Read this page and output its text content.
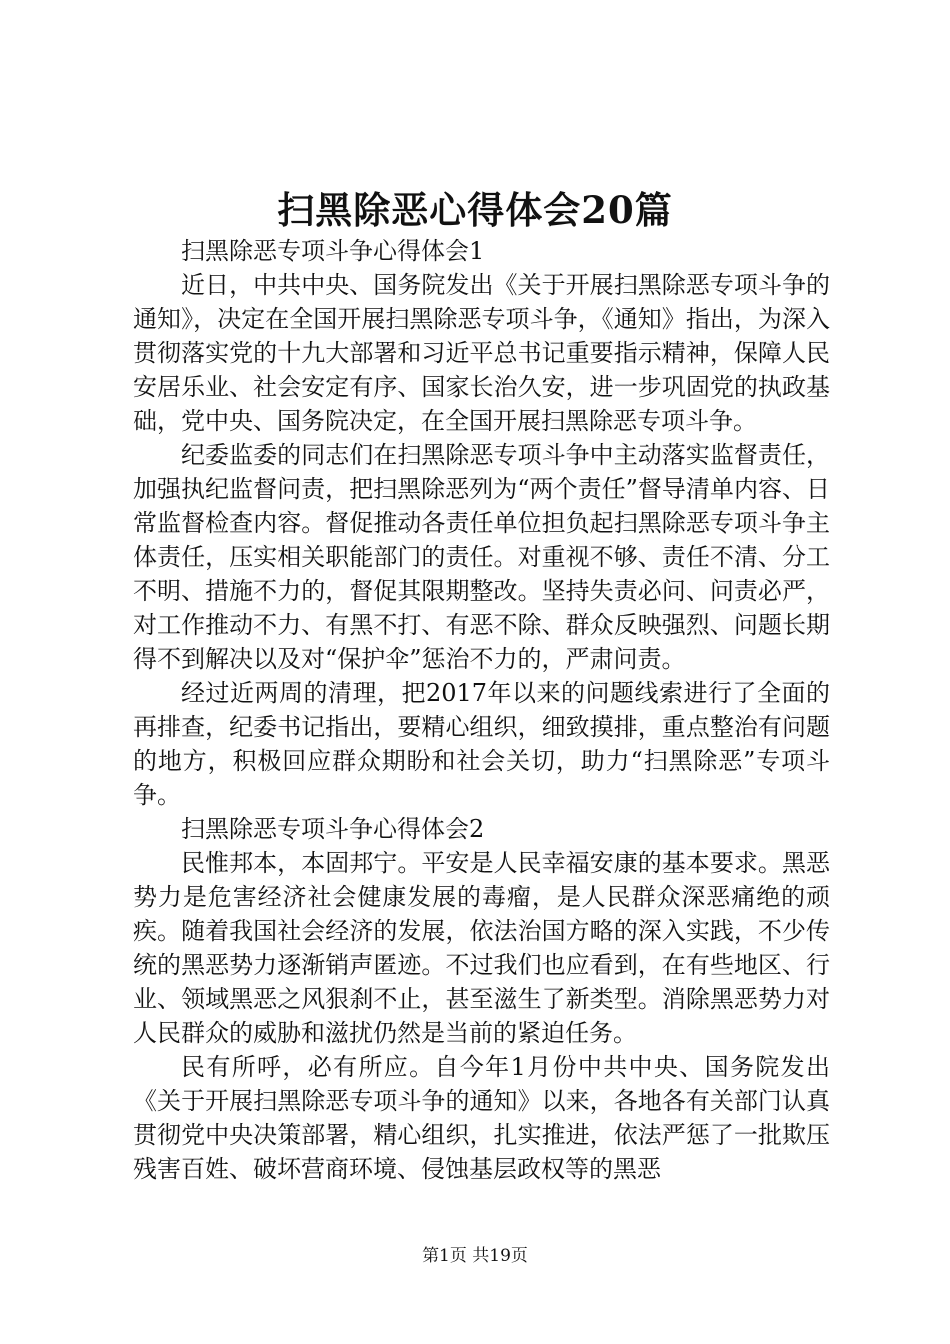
扫黑除恶心得体会20篇

扫黑除恶专项斗争心得体会1

近日，中共中央、国务院发出《关于开展扫黑除恶专项斗争的通知》，决定在全国开展扫黑除恶专项斗争，《通知》指出，为深入贯彻落实党的十九大部署和习近平总书记重要指示精神，保障人民安居乐业、社会安定有序、国家长治久安，进一步巩固党的执政基础，党中央、国务院决定，在全国开展扫黑除恶专项斗争。

纪委监委的同志们在扫黑除恶专项斗争中主动落实监督责任，加强执纪监督问责，把扫黑除恶列为“两个责任”督导清单内容、日常监督检查内容。督促推动各责任单位担负起扫黑除恶专项斗争主体责任，压实相关职能部门的责任。对重视不够、责任不清、分工不明、措施不力的，督促其限期整改。坚持失责必问、问责必严，对工作推动不力、有黑不打、有恶不除、群众反映强烈、问题长期得不到解决以及对“保护伞”惩治不力的，严肃问责。

经过近两周的清理，把2017年以来的问题线索进行了全面的再排查，纪委书记指出，要精心组织，细致摸排，重点整治有问题的地方，积极回应群众期盼和社会关切，助力“扫黑除恶”专项斗争。

扫黑除恶专项斗争心得体会2

民惟邦本，本固邦宁。平安是人民幸福安康的基本要求。黑恶势力是危害经济社会健康发展的毒瘤，是人民群众深恶痛绝的顽疾。随着我国社会经济的发展，依法治国方略的深入实践，不少传统的黑恶势力逐渐销声匿迹。不过我们也应看到，在有些地区、行业、领域黑恶之风狠刹不止，甚至滋生了新类型。消除黑恶势力对人民群众的威胁和滋扰仍然是当前的紧迫任务。

民有所呼，必有所应。自今年1月份中共中央、国务院发出《关于开展扫黑除恶专项斗争的通知》以来，各地各有关部门认真贯彻党中央决策部署，精心组织，扎实推进，依法严惩了一批欺压残害百姓、破坏营商环境、侵蚀基层政权等的黑恶

第1页 共19页
